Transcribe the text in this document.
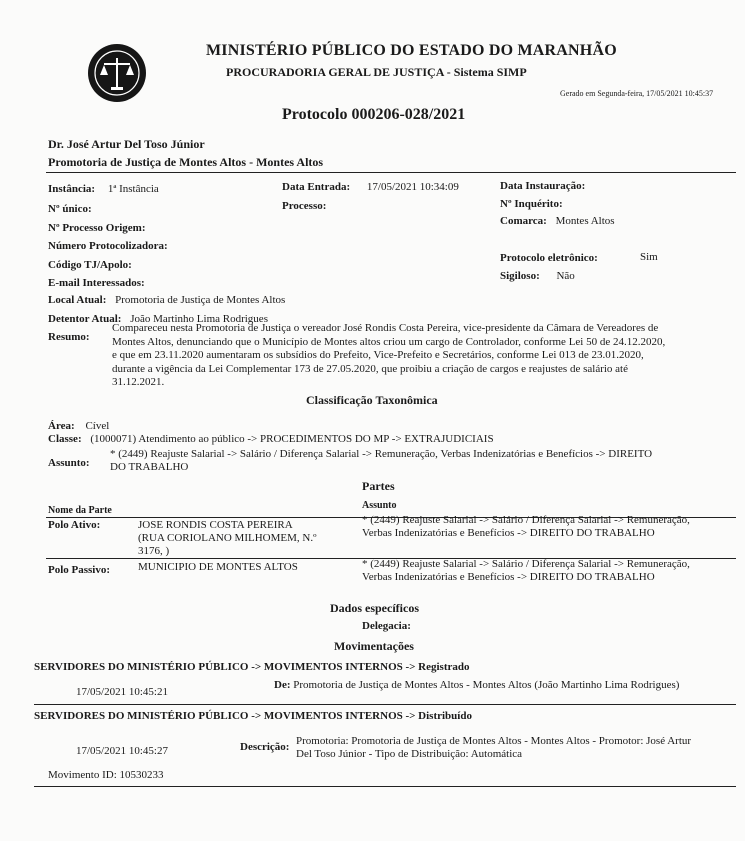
MINISTÉRIO PÚBLICO DO ESTADO DO MARANHÃO
PROCURADORIA GERAL DE JUSTIÇA - Sistema SIMP
Gerado em Segunda-feira, 17/05/2021 10:45:37
Protocolo 000206-028/2021
Dr. José Artur Del Toso Júnior
Promotoria de Justiça de Montes Altos - Montes Altos
Instância: 1ª Instância
Nº único:
Nº Processo Origem:
Número Protocolizadora:
Código TJ/Apolo:
E-mail Interessados:
Data Entrada: 17/05/2021 10:34:09
Processo:
Data Instauração:
Nº Inquérito:
Comarca: Montes Altos
Protocolo eletrônico:	Sim
Sigiloso: Não
Local Atual: Promotoria de Justiça de Montes Altos
Detentor Atual: João Martinho Lima Rodrigues
Resumo:
Compareceu nesta Promotoria de Justiça o vereador José Rondis Costa Pereira, vice-presidente da Câmara de Vereadores de
Montes Altos, denunciando que o Município de Montes altos criou um cargo de Controlador, conforme Lei 50 de 24.12.2020,
e que em 23.11.2020 aumentaram os subsídios do Prefeito, Vice-Prefeito e Secretários, conforme Lei 013 de 23.01.2020,
durante a vigência da Lei Complementar 173 de 27.05.2020, que proibiu a criação de cargos e reajustes de salário até
31.12.2021.
Classificação Taxonômica
Área: Cível
Classe: (1000071) Atendimento ao público -> PROCEDIMENTOS DO MP -> EXTRAJUDICIAIS
Assunto:
* (2449) Reajuste Salarial -> Salário / Diferença Salarial -> Remuneração, Verbas Indenizatórias e Benefícios -> DIREITO
DO TRABALHO
Partes
Nome da Parte	Assunto
Polo Ativo:	JOSE RONDIS COSTA PEREIRA
(RUA CORIOLANO MILHOMEM, N.º
3176, )
* (2449) Reajuste Salarial -> Salário / Diferença Salarial -> Remuneração,
Verbas Indenizatórias e Benefícios -> DIREITO DO TRABALHO
Polo Passivo:	MUNICIPIO DE MONTES ALTOS	* (2449) Reajuste Salarial -> Salário / Diferença Salarial -> Remuneração,
Verbas Indenizatórias e Benefícios -> DIREITO DO TRABALHO
Dados específicos
Delegacia:
Movimentações
SERVIDORES DO MINISTÉRIO PÚBLICO -> MOVIMENTOS INTERNOS -> Registrado
17/05/2021 10:45:21
De: Promotoria de Justiça de Montes Altos - Montes Altos (João Martinho Lima Rodrigues)
SERVIDORES DO MINISTÉRIO PÚBLICO -> MOVIMENTOS INTERNOS -> Distribuído
17/05/2021 10:45:27	Descrição: Promotoria: Promotoria de Justiça de Montes Altos - Montes Altos - Promotor: José Artur
Del Toso Júnior - Tipo de Distribuição: Automática
Movimento ID: 10530233
